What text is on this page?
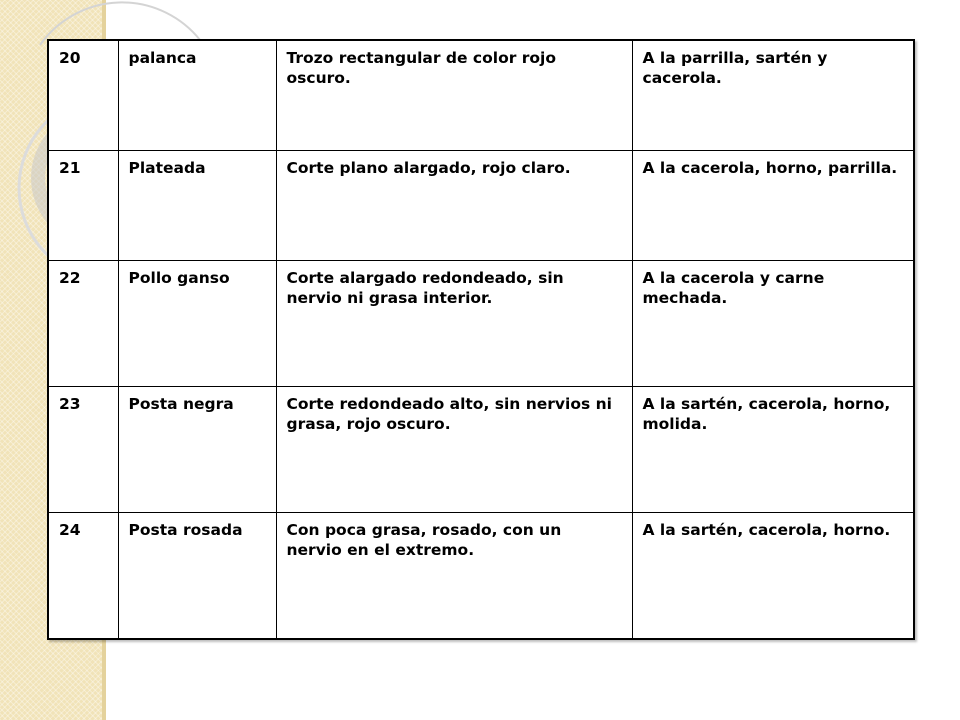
20	palanca	Trozo rectangular de color rojo oscuro.	A la parrilla, sartén y cacerola.
21	Plateada	Corte plano alargado, rojo claro.	A la cacerola, horno, parrilla.
22	Pollo ganso	Corte alargado redondeado, sin nervio ni grasa interior.	A la cacerola y carne mechada.
23	Posta negra	Corte redondeado alto, sin nervios ni grasa, rojo oscuro.	A la sartén, cacerola, horno, molida.
24	Posta rosada	Con poca grasa, rosado, con un nervio en el extremo.	A la sartén, cacerola, horno.
